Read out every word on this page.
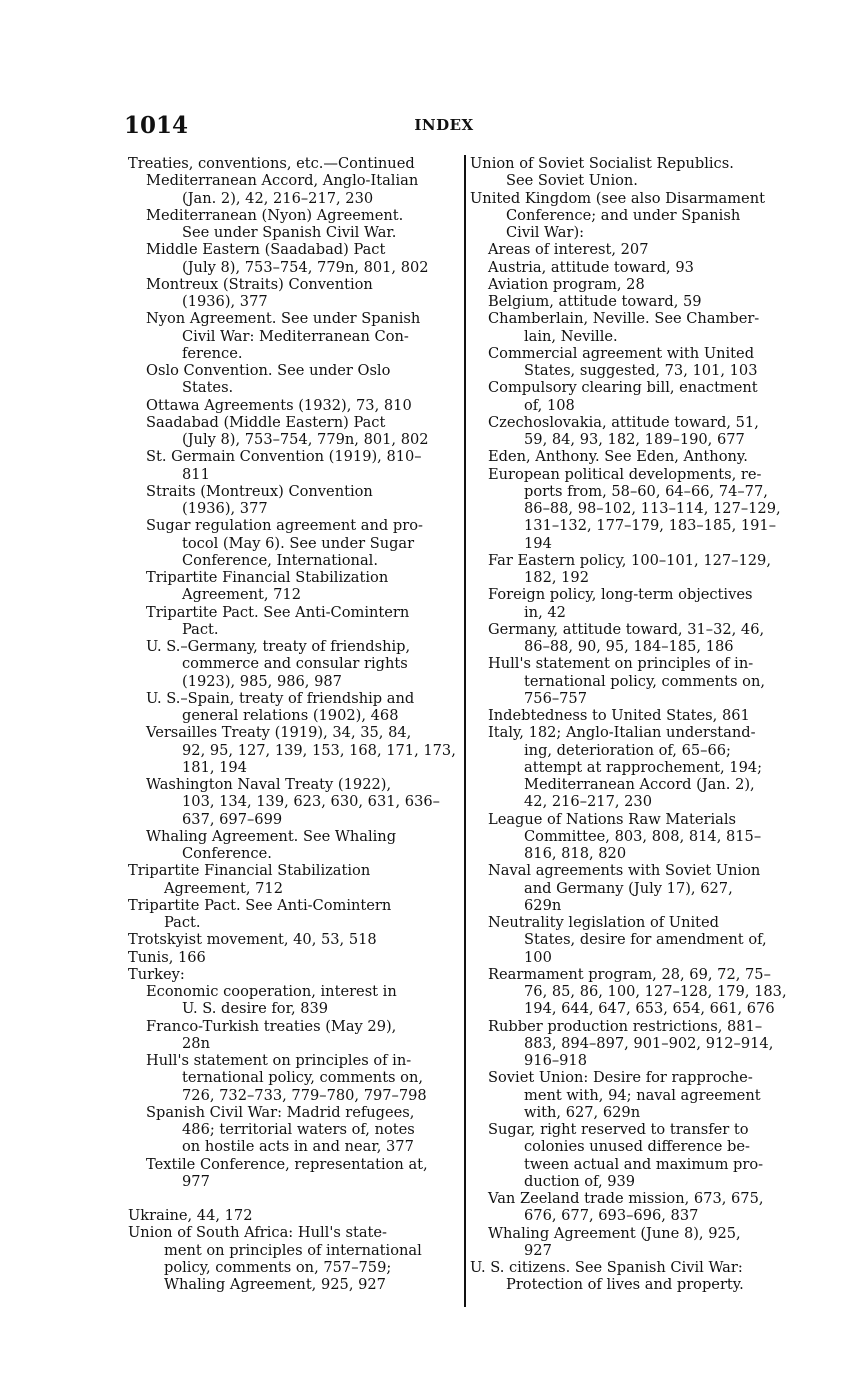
1014	INDEX
Treaties, conventions, etc.—Continued
Mediterranean Accord, Anglo-Italian
(Jan. 2), 42, 216–217, 230
Mediterranean (Nyon) Agreement.
See under Spanish Civil War.
Middle Eastern (Saadabad) Pact
(July 8), 753–754, 779n, 801, 802
Montreux (Straits) Convention
(1936), 377
Nyon Agreement. See under Spanish
Civil War: Mediterranean Con-
ference.
Oslo Convention. See under Oslo
States.
Ottawa Agreements (1932), 73, 810
Saadabad (Middle Eastern) Pact
(July 8), 753–754, 779n, 801, 802
St. Germain Convention (1919), 810–
811
Straits (Montreux) Convention
(1936), 377
Sugar regulation agreement and pro-
tocol (May 6). See under Sugar
Conference, International.
Tripartite Financial Stabilization
Agreement, 712
Tripartite Pact. See Anti-Comintern
Pact.
U. S.–Germany, treaty of friendship,
commerce and consular rights
(1923), 985, 986, 987
U. S.–Spain, treaty of friendship and
general relations (1902), 468
Versailles Treaty (1919), 34, 35, 84,
92, 95, 127, 139, 153, 168, 171, 173,
181, 194
Washington Naval Treaty (1922),
103, 134, 139, 623, 630, 631, 636–
637, 697–699
Whaling Agreement. See Whaling
Conference.
Tripartite Financial Stabilization
Agreement, 712
Tripartite Pact. See Anti-Comintern
Pact.
Trotskyist movement, 40, 53, 518
Tunis, 166
Turkey:
Economic cooperation, interest in
U. S. desire for, 839
Franco-Turkish treaties (May 29),
28n
Hull's statement on principles of in-
ternational policy, comments on,
726, 732–733, 779–780, 797–798
Spanish Civil War: Madrid refugees,
486; territorial waters of, notes
on hostile acts in and near, 377
Textile Conference, representation at,
977
Ukraine, 44, 172
Union of South Africa: Hull's state-
ment on principles of international
policy, comments on, 757–759;
Whaling Agreement, 925, 927
Union of Soviet Socialist Republics.
See Soviet Union.
United Kingdom (see also Disarmament
Conference; and under Spanish
Civil War):
Areas of interest, 207
Austria, attitude toward, 93
Aviation program, 28
Belgium, attitude toward, 59
Chamberlain, Neville. See Chamber-
lain, Neville.
Commercial agreement with United
States, suggested, 73, 101, 103
Compulsory clearing bill, enactment
of, 108
Czechoslovakia, attitude toward, 51,
59, 84, 93, 182, 189–190, 677
Eden, Anthony. See Eden, Anthony.
European political developments, re-
ports from, 58–60, 64–66, 74–77,
86–88, 98–102, 113–114, 127–129,
131–132, 177–179, 183–185, 191–
194
Far Eastern policy, 100–101, 127–129,
182, 192
Foreign policy, long-term objectives
in, 42
Germany, attitude toward, 31–32, 46,
86–88, 90, 95, 184–185, 186
Hull's statement on principles of in-
ternational policy, comments on,
756–757
Indebtedness to United States, 861
Italy, 182; Anglo-Italian understand-
ing, deterioration of, 65–66;
attempt at rapprochement, 194;
Mediterranean Accord (Jan. 2),
42, 216–217, 230
League of Nations Raw Materials
Committee, 803, 808, 814, 815–
816, 818, 820
Naval agreements with Soviet Union
and Germany (July 17), 627,
629n
Neutrality legislation of United
States, desire for amendment of,
100
Rearmament program, 28, 69, 72, 75–
76, 85, 86, 100, 127–128, 179, 183,
194, 644, 647, 653, 654, 661, 676
Rubber production restrictions, 881–
883, 894–897, 901–902, 912–914,
916–918
Soviet Union: Desire for rapproche-
ment with, 94; naval agreement
with, 627, 629n
Sugar, right reserved to transfer to
colonies unused difference be-
tween actual and maximum pro-
duction of, 939
Van Zeeland trade mission, 673, 675,
676, 677, 693–696, 837
Whaling Agreement (June 8), 925,
927
U. S. citizens. See Spanish Civil War:
Protection of lives and property.
